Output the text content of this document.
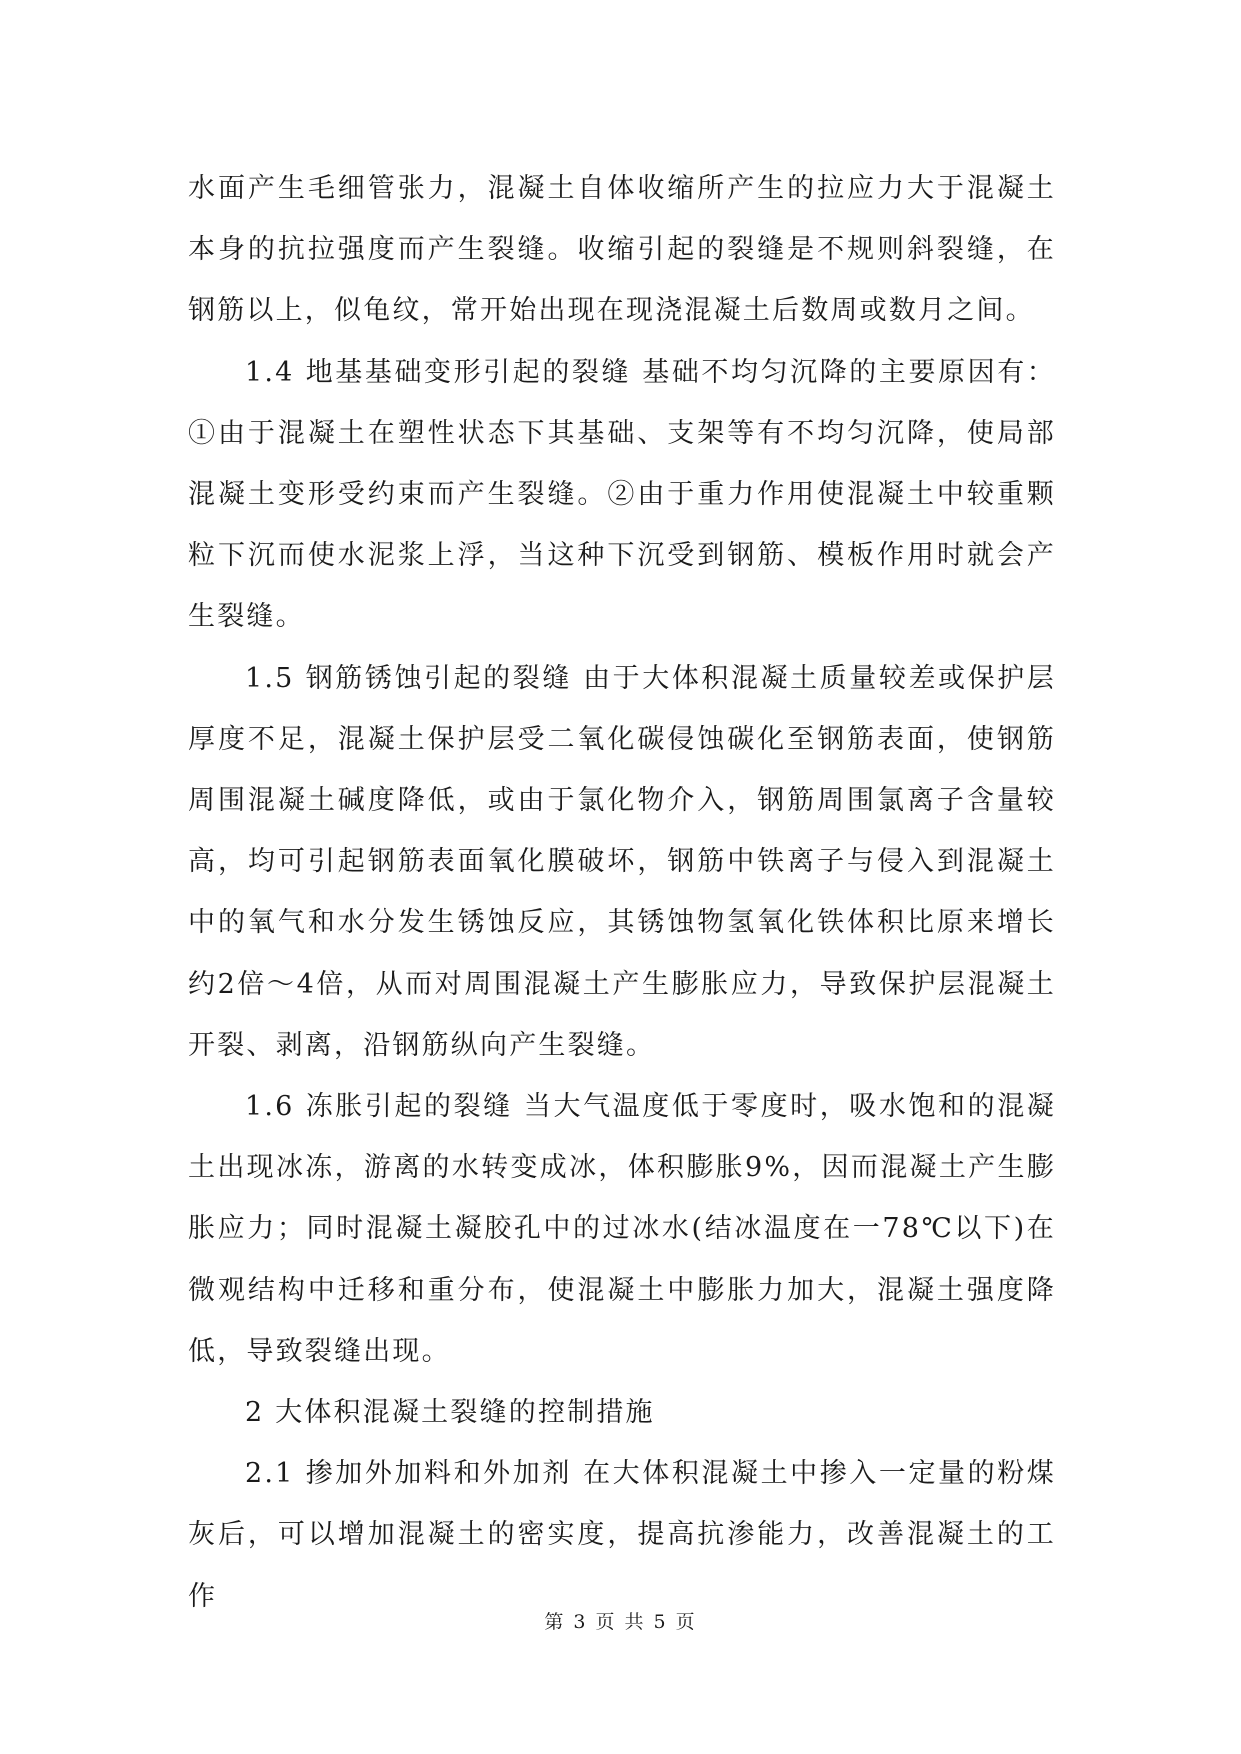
水面产生毛细管张力，混凝土自体收缩所产生的拉应力大于混凝土本身的抗拉强度而产生裂缝。收缩引起的裂缝是不规则斜裂缝，在钢筋以上，似龟纹，常开始出现在现浇混凝土后数周或数月之间。

1.4 地基基础变形引起的裂缝 基础不均匀沉降的主要原因有：①由于混凝土在塑性状态下其基础、支架等有不均匀沉降，使局部混凝土变形受约束而产生裂缝。②由于重力作用使混凝土中较重颗粒下沉而使水泥浆上浮，当这种下沉受到钢筋、模板作用时就会产生裂缝。

1.5 钢筋锈蚀引起的裂缝 由于大体积混凝土质量较差或保护层厚度不足，混凝土保护层受二氧化碳侵蚀碳化至钢筋表面，使钢筋周围混凝土碱度降低，或由于氯化物介入，钢筋周围氯离子含量较高，均可引起钢筋表面氧化膜破坏，钢筋中铁离子与侵入到混凝土中的氧气和水分发生锈蚀反应，其锈蚀物氢氧化铁体积比原来增长约2倍～4倍，从而对周围混凝土产生膨胀应力，导致保护层混凝土开裂、剥离，沿钢筋纵向产生裂缝。

1.6 冻胀引起的裂缝 当大气温度低于零度时，吸水饱和的混凝土出现冰冻，游离的水转变成冰，体积膨胀9%，因而混凝土产生膨胀应力；同时混凝土凝胶孔中的过冰水(结冰温度在一78℃以下)在微观结构中迁移和重分布，使混凝土中膨胀力加大，混凝土强度降低，导致裂缝出现。

2 大体积混凝土裂缝的控制措施

2.1 掺加外加料和外加剂 在大体积混凝土中掺入一定量的粉煤灰后，可以增加混凝土的密实度，提高抗渗能力，改善混凝土的工作

第 3 页 共 5 页
